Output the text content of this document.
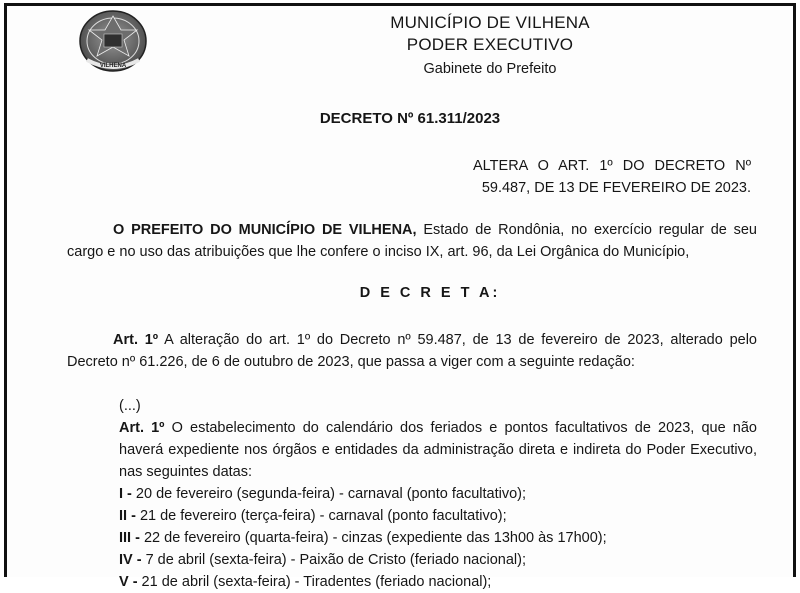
VILHENA
MUNICÍPIO DE VILHENA
PODER EXECUTIVO
Gabinete do Prefeito
DECRETO Nº 61.311/2023
ALTERA O ART. 1º DO DECRETO Nº 59.487, DE 13 DE FEVEREIRO DE 2023.
O PREFEITO DO MUNICÍPIO DE VILHENA, Estado de Rondônia, no exercício regular de seu cargo e no uso das atribuições que lhe confere o inciso IX, art. 96, da Lei Orgânica do Município,
D E C R E T A:
Art. 1º A alteração do art. 1º do Decreto nº 59.487, de 13 de fevereiro de 2023, alterado pelo Decreto nº 61.226, de 6 de outubro de 2023, que passa a viger com a seguinte redação:
(...)
Art. 1º O estabelecimento do calendário dos feriados e pontos facultativos de 2023, que não haverá expediente nos órgãos e entidades da administração direta e indireta do Poder Executivo, nas seguintes datas:
I - 20 de fevereiro (segunda-feira) - carnaval (ponto facultativo);
II - 21 de fevereiro (terça-feira) - carnaval (ponto facultativo);
III - 22 de fevereiro (quarta-feira) - cinzas (expediente das 13h00 às 17h00);
IV - 7 de abril (sexta-feira) - Paixão de Cristo (feriado nacional);
V - 21 de abril (sexta-feira) - Tiradentes (feriado nacional);
